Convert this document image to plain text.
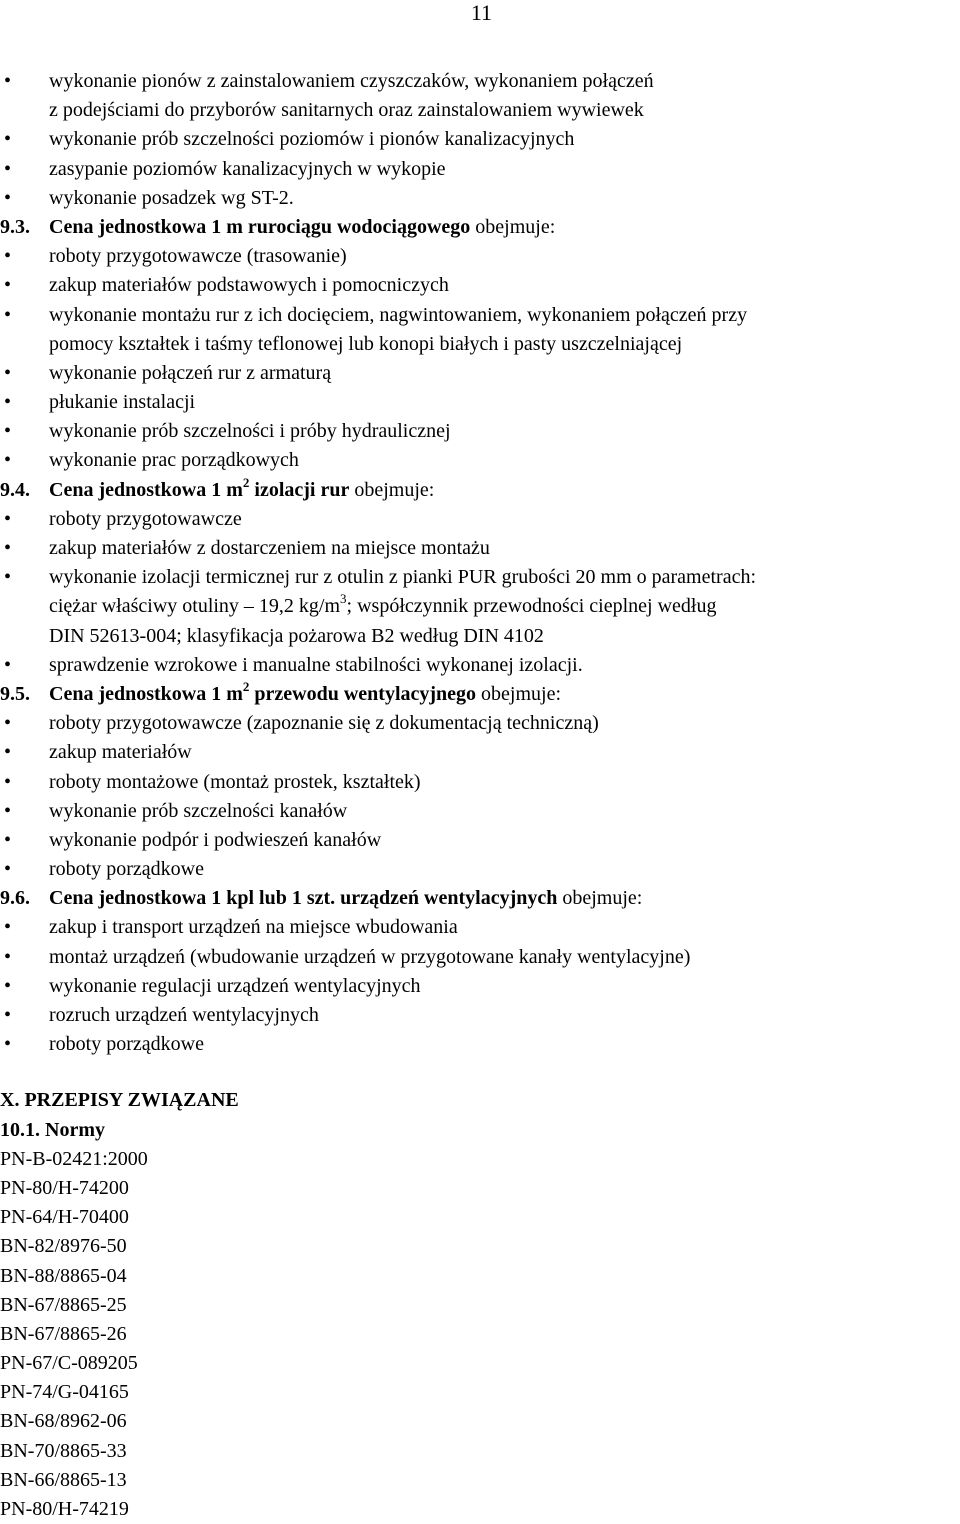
11
• wykonanie pionów z zainstalowaniem czyszczaków, wykonaniem połączeń
z podejściami do przyborów sanitarnych oraz zainstalowaniem wywiewek
• wykonanie prób szczelności poziomów i pionów kanalizacyjnych
• zasypanie poziomów kanalizacyjnych w wykopie
• wykonanie posadzek wg ST-2.
9.3. Cena jednostkowa 1 m rurociągu wodociągowego obejmuje:
• roboty przygotowawcze (trasowanie)
• zakup materiałów podstawowych i pomocniczych
• wykonanie montażu rur z ich docięciem, nagwintowaniem, wykonaniem połączeń przy
pomocy kształtek i taśmy teflonowej lub konopi białych i pasty uszczelniającej
• wykonanie połączeń rur z armaturą
• płukanie instalacji
• wykonanie prób szczelności i próby hydraulicznej
• wykonanie prac porządkowych
9.4. Cena jednostkowa 1 $m^2$ izolacji rur obejmuje:
• roboty przygotowawcze
• zakup materiałów z dostarczeniem na miejsce montażu
• wykonanie izolacji termicznej rur z otulin z pianki PUR grubości 20 mm o parametrach:
ciężar właściwy otuliny – 19,2 $kg/m^3$; współczynnik przewodności cieplnej według
DIN 52613-004; klasyfikacja pożarowa B2 według DIN 4102
• sprawdzenie wzrokowe i manualne stabilności wykonanej izolacji.
9.5. Cena jednostkowa 1 $m^2$ przewodu wentylacyjnego obejmuje:
• roboty przygotowawcze (zapoznanie się z dokumentacją techniczną)
• zakup materiałów
• roboty montażowe (montaż prostek, kształtek)
• wykonanie prób szczelności kanałów
• wykonanie podpór i podwieszeń kanałów
• roboty porządkowe
9.6. Cena jednostkowa 1 kpl lub 1 szt. urządzeń wentylacyjnych obejmuje:
• zakup i transport urządzeń na miejsce wbudowania
• montaż urządzeń (wbudowanie urządzeń w przygotowane kanały wentylacyjne)
• wykonanie regulacji urządzeń wentylacyjnych
• rozruch urządzeń wentylacyjnych
• roboty porządkowe
X. PRZEPISY ZWIĄZANE
10.1. Normy
PN-B-02421:2000
PN-80/H-74200
PN-64/H-70400
BN-82/8976-50
BN-88/8865-04
BN-67/8865-25
BN-67/8865-26
PN-67/C-089205
PN-74/G-04165
BN-68/8962-06
BN-70/8865-33
BN-66/8865-13
PN-80/H-74219
